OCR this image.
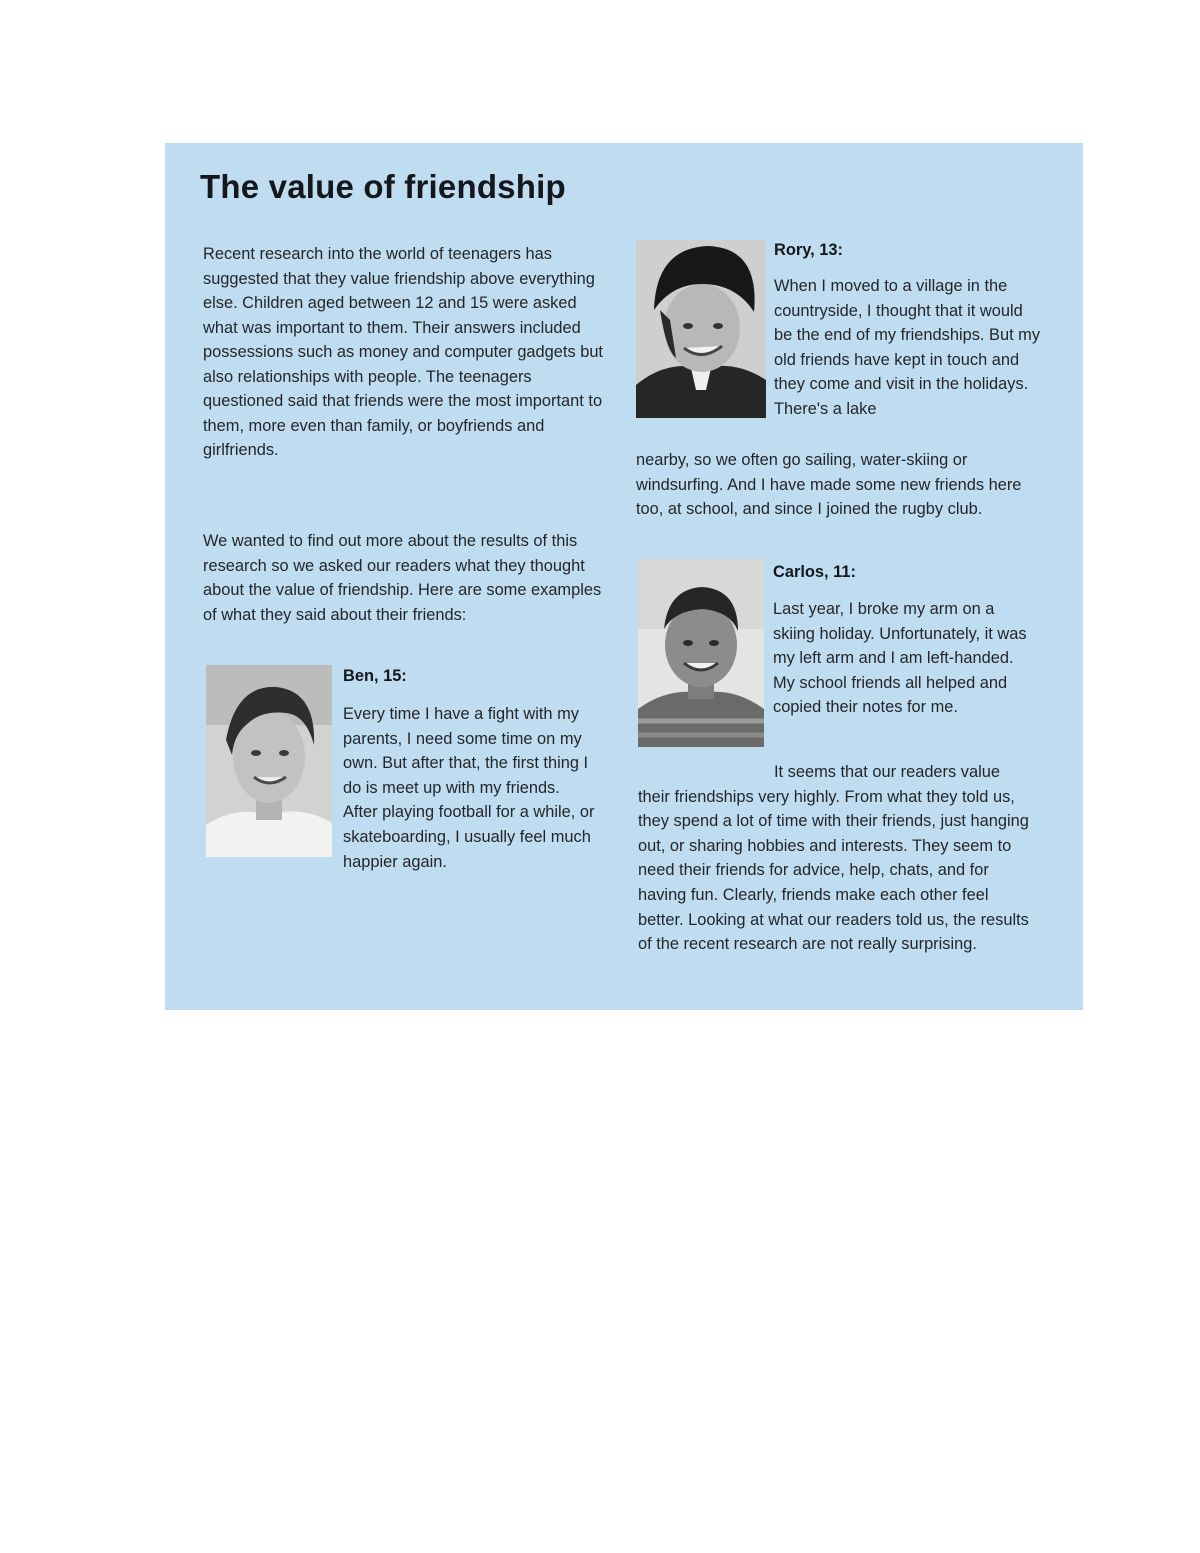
The value of friendship

Recent research into the world of teenagers has suggested that they value friendship above everything else. Children aged between 12 and 15 were asked what was important to them. Their answers included possessions such as money and computer gadgets but also relationships with people. The teenagers questioned said that friends were the most important to them, more even than family, or boyfriends and girlfriends.

We wanted to find out more about the results of this research so we asked our readers what they thought about the value of friendship. Here are some examples of what they said about their friends:

Ben, 15:

Every time I have a fight with my parents, I need some time on my own. But after that, the first thing I do is meet up with my friends. After playing football for a while, or skateboarding, I usually feel much happier again.

Rory, 13:

When I moved to a village in the countryside, I thought that it would be the end of my friendships. But my old friends have kept in touch and they come and visit in the holidays. There's a lake

nearby, so we often go sailing, water-skiing or windsurfing. And I have made some new friends here too, at school, and since I joined the rugby club.

Carlos, 11:

Last year, I broke my arm on a skiing holiday. Unfortunately, it was my left arm and I am left-handed. My school friends all helped and copied their notes for me.

It seems that our readers value their friendships very highly. From what they told us, they spend a lot of time with their friends, just hanging out, or sharing hobbies and interests. They seem to need their friends for advice, help, chats, and for having fun. Clearly, friends make each other feel better. Looking at what our readers told us, the results of the recent research are not really surprising.
